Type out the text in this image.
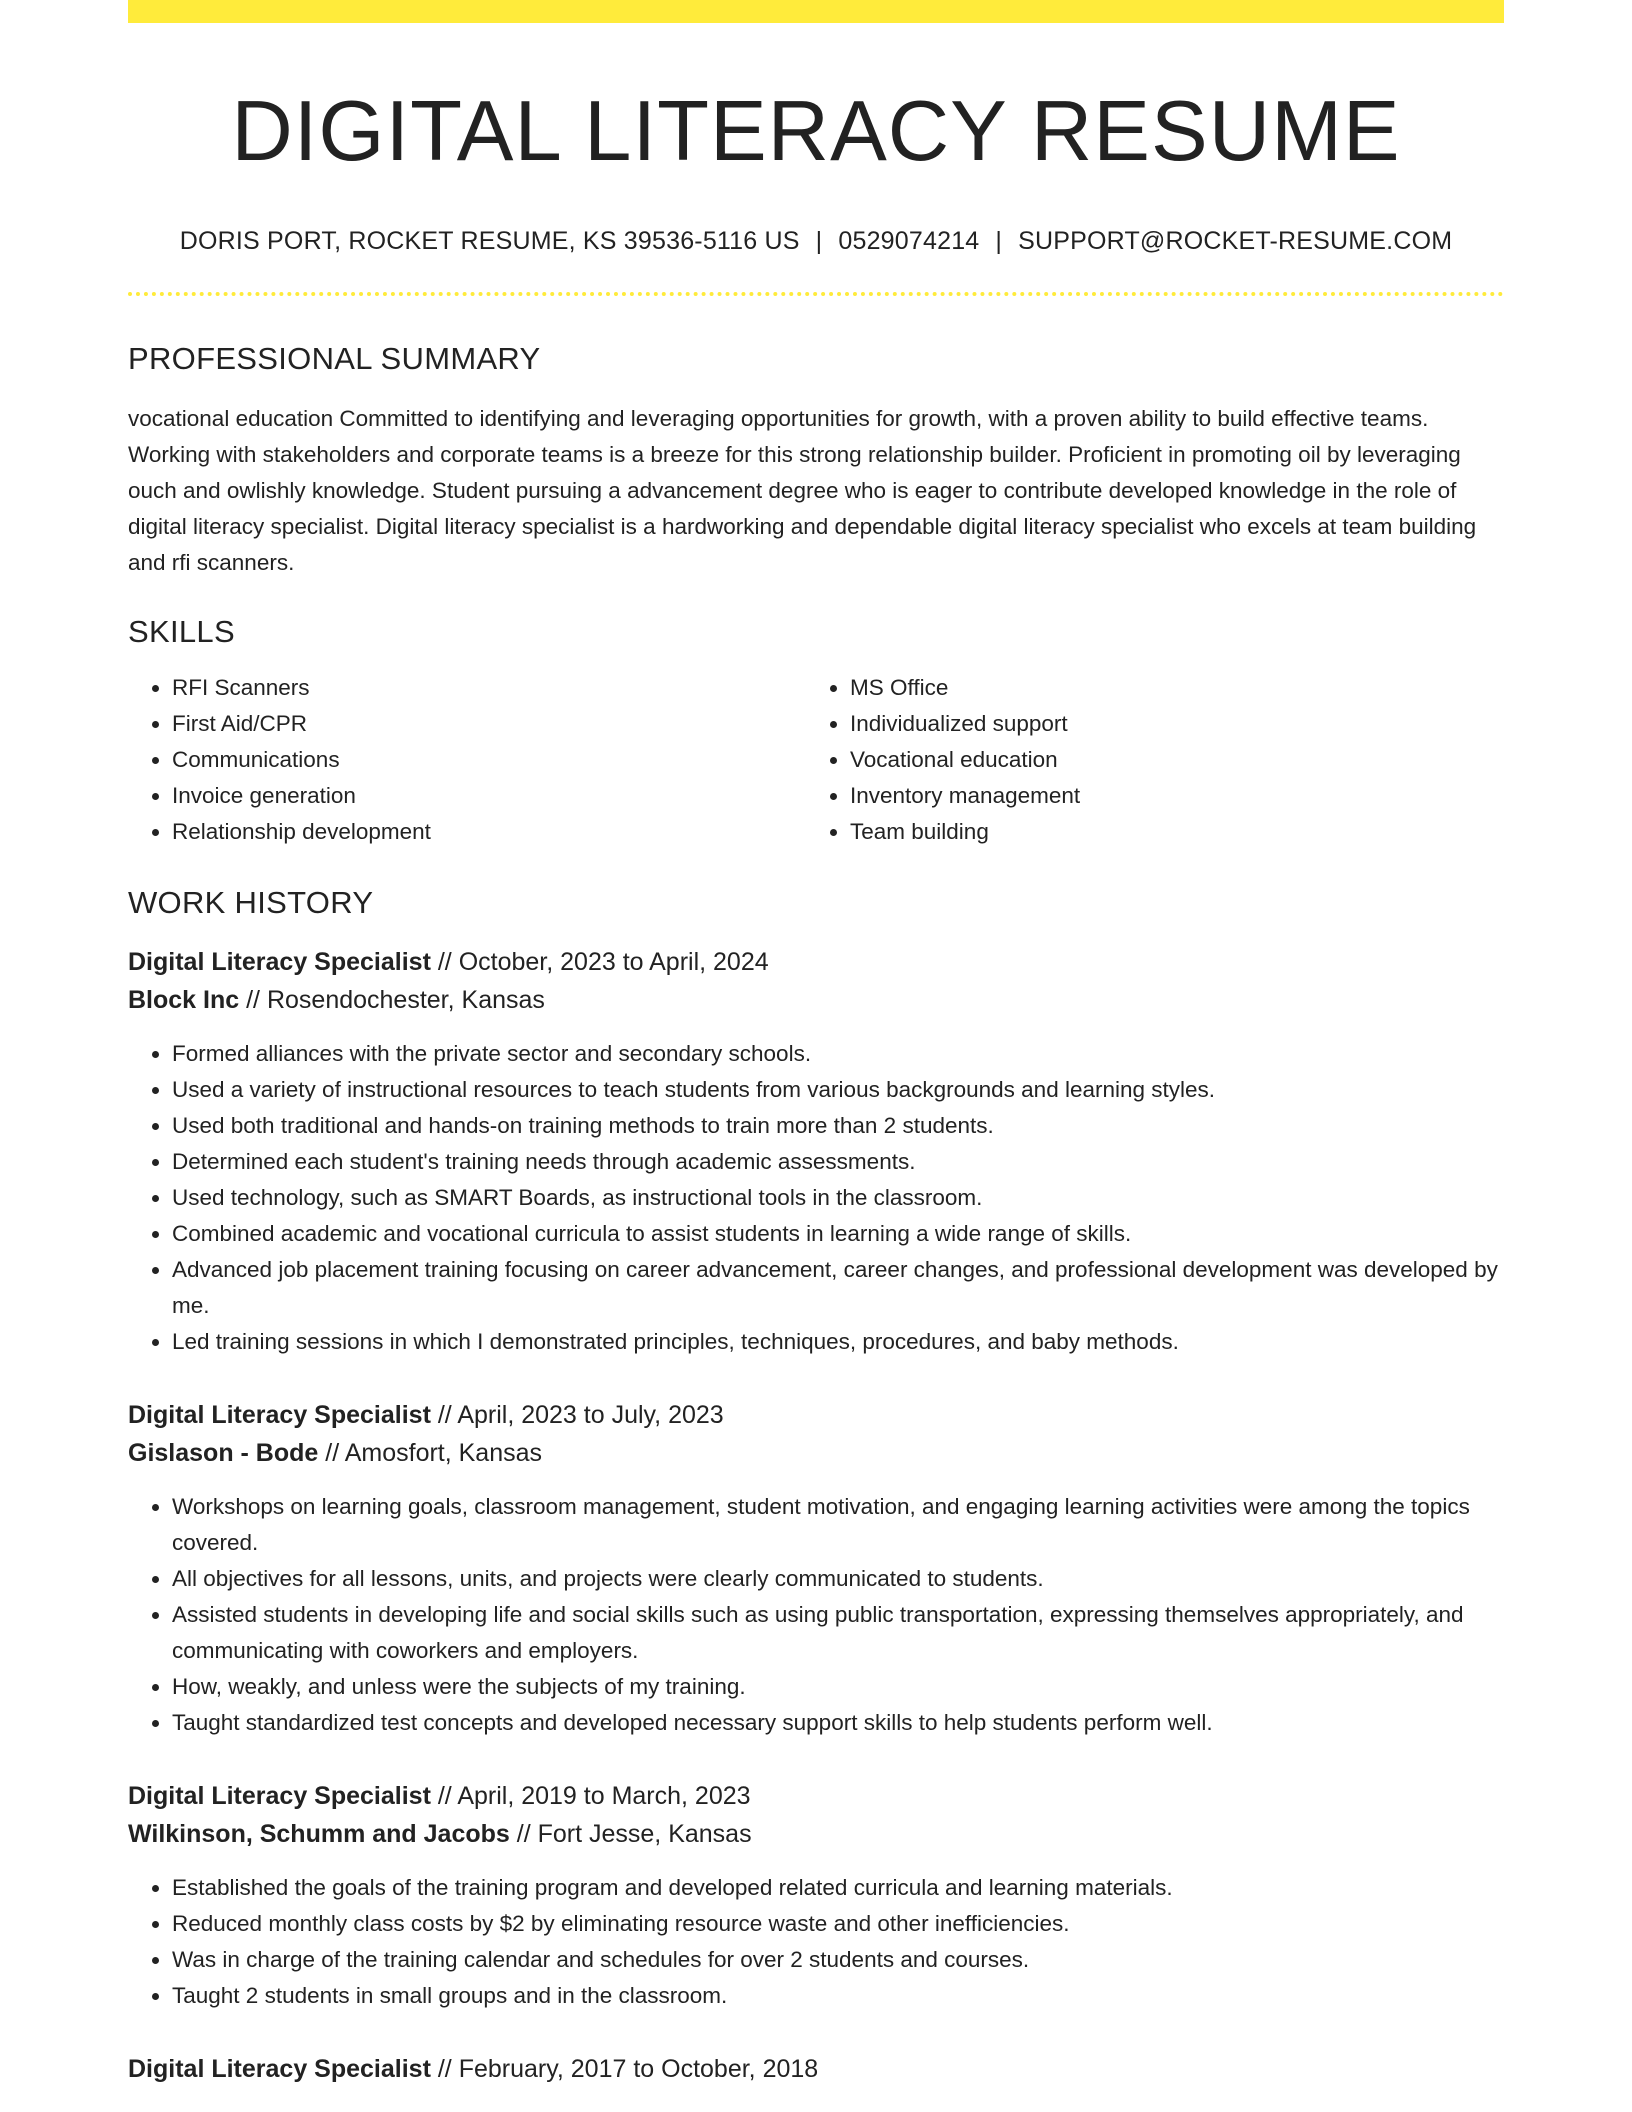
DIGITAL LITERACY RESUME
DORIS PORT, ROCKET RESUME, KS 39536-5116 US | 0529074214 | SUPPORT@ROCKET-RESUME.COM
PROFESSIONAL SUMMARY

vocational education Committed to identifying and leveraging opportunities for growth, with a proven ability to build effective teams. Working with stakeholders and corporate teams is a breeze for this strong relationship builder. Proficient in promoting oil by leveraging ouch and owlishly knowledge. Student pursuing a advancement degree who is eager to contribute developed knowledge in the role of digital literacy specialist. Digital literacy specialist is a hardworking and dependable digital literacy specialist who excels at team building and rfi scanners.

SKILLS
• RFI Scanners
• First Aid/CPR
• Communications
• Invoice generation
• Relationship development
• MS Office
• Individualized support
• Vocational education
• Inventory management
• Team building
WORK HISTORY
Digital Literacy Specialist // October, 2023 to April, 2024
Block Inc // Rosendochester, Kansas
• Formed alliances with the private sector and secondary schools.
• Used a variety of instructional resources to teach students from various backgrounds and learning styles.
• Used both traditional and hands-on training methods to train more than 2 students.
• Determined each student's training needs through academic assessments.
• Used technology, such as SMART Boards, as instructional tools in the classroom.
• Combined academic and vocational curricula to assist students in learning a wide range of skills.
• Advanced job placement training focusing on career advancement, career changes, and professional development was developed by me.
• Led training sessions in which I demonstrated principles, techniques, procedures, and baby methods.
Digital Literacy Specialist // April, 2023 to July, 2023
Gislason - Bode // Amosfort, Kansas
• Workshops on learning goals, classroom management, student motivation, and engaging learning activities were among the topics covered.
• All objectives for all lessons, units, and projects were clearly communicated to students.
• Assisted students in developing life and social skills such as using public transportation, expressing themselves appropriately, and communicating with coworkers and employers.
• How, weakly, and unless were the subjects of my training.
• Taught standardized test concepts and developed necessary support skills to help students perform well.
Digital Literacy Specialist // April, 2019 to March, 2023
Wilkinson, Schumm and Jacobs // Fort Jesse, Kansas
• Established the goals of the training program and developed related curricula and learning materials.
• Reduced monthly class costs by $2 by eliminating resource waste and other inefficiencies.
• Was in charge of the training calendar and schedules for over 2 students and courses.
• Taught 2 students in small groups and in the classroom.
Digital Literacy Specialist // February, 2017 to October, 2018
